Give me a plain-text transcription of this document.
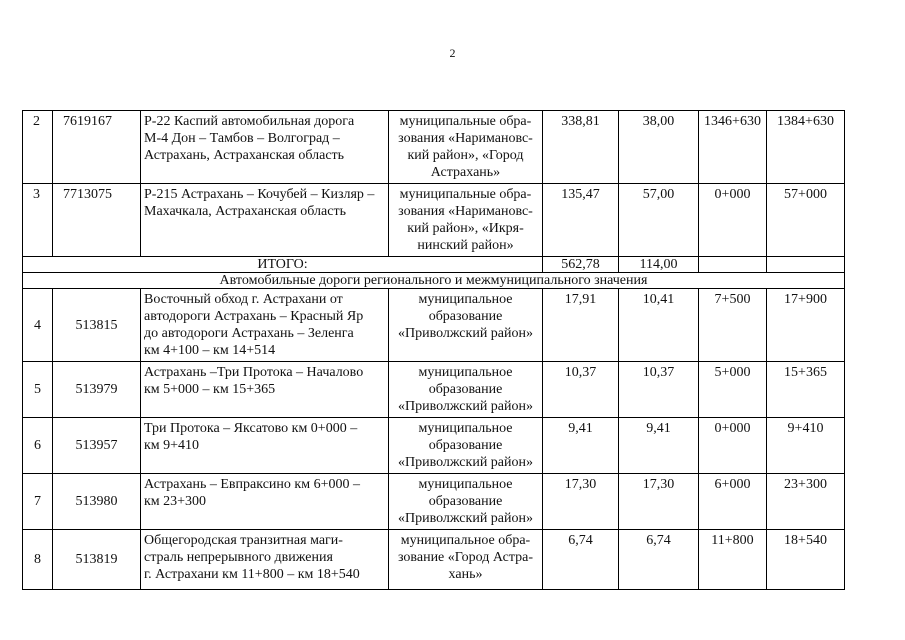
2
2	7619167	Р-22 Каспий автомобильная дорога
М-4 Дон – Тамбов – Волгоград –
Астрахань, Астраханская область	муниципальные обра-
зования «Наримановс-
кий район», «Город
Астрахань»	338,81	38,00	1346+630	1384+630
3	7713075	Р-215 Астрахань – Кочубей – Кизляр –
Махачкала, Астраханская область	муниципальные обра-
зования «Наримановс-
кий район», «Икря-
нинский район»	135,47	57,00	0+000	57+000
ИТОГО:				562,78	114,00		
Автомобильные дороги регионального и межмуниципального значения							
4	513815	Восточный обход г. Астрахани от
автодороги Астрахань – Красный Яр
до автодороги Астрахань – Зеленга
км 4+100 – км 14+514	муниципальное
образование
«Приволжский район»	17,91	10,41	7+500	17+900
5	513979	Астрахань –Три Протока – Началово
км 5+000 – км 15+365	муниципальное
образование
«Приволжский район»	10,37	10,37	5+000	15+365
6	513957	Три Протока – Яксатово км 0+000 –
км 9+410	муниципальное
образование
«Приволжский район»	9,41	9,41	0+000	9+410
7	513980	Астрахань – Евпраксино км 6+000 –
км 23+300	муниципальное
образование
«Приволжский район»	17,30	17,30	6+000	23+300
8	513819	Общегородская транзитная маги-
страль непрерывного движения
г. Астрахани км 11+800 – км 18+540	муниципальное обра-
зование «Город Астра-
хань»	6,74	6,74	11+800	18+540
